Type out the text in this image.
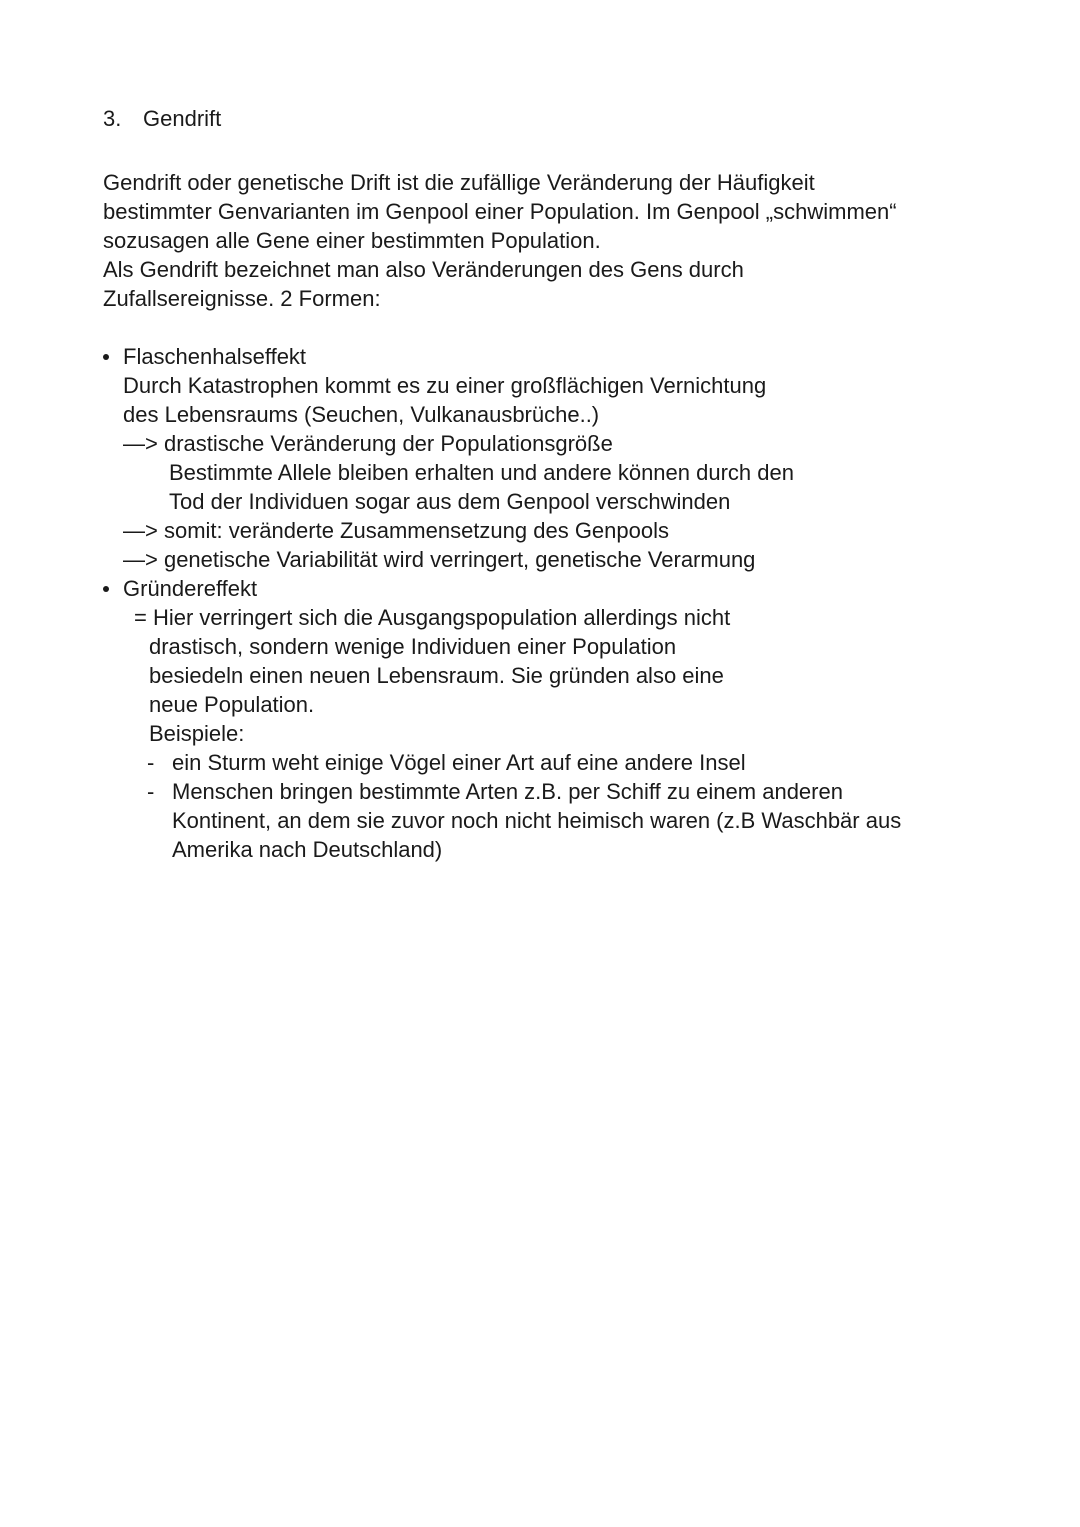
3. Gendrift
Gendrift oder genetische Drift ist die zufällige Veränderung der Häufigkeit
bestimmter Genvarianten im Genpool einer Population. Im Genpool „schwimmen“
sozusagen alle Gene einer bestimmten Population.
Als Gendrift bezeichnet man also Veränderungen des Gens durch
Zufallsereignisse. 2 Formen:
Flaschenhalseffekt
Durch Katastrophen kommt es zu einer großflächigen Vernichtung
des Lebensraums (Seuchen, Vulkanausbrüche..)
—> drastische Veränderung der Populationsgröße
Bestimmte Allele bleiben erhalten und andere können durch den
Tod der Individuen sogar aus dem Genpool verschwinden
—> somit: veränderte Zusammensetzung des Genpools
—> genetische Variabilität wird verringert, genetische Verarmung
Gründereffekt
= Hier verringert sich die Ausgangspopulation allerdings nicht
drastisch, sondern wenige Individuen einer Population
besiedeln einen neuen Lebensraum. Sie gründen also eine
neue Population.
Beispiele:
- ein Sturm weht einige Vögel einer Art auf eine andere Insel
- Menschen bringen bestimmte Arten z.B. per Schiff zu einem anderen
Kontinent, an dem sie zuvor noch nicht heimisch waren (z.B Waschbär aus
Amerika nach Deutschland)
